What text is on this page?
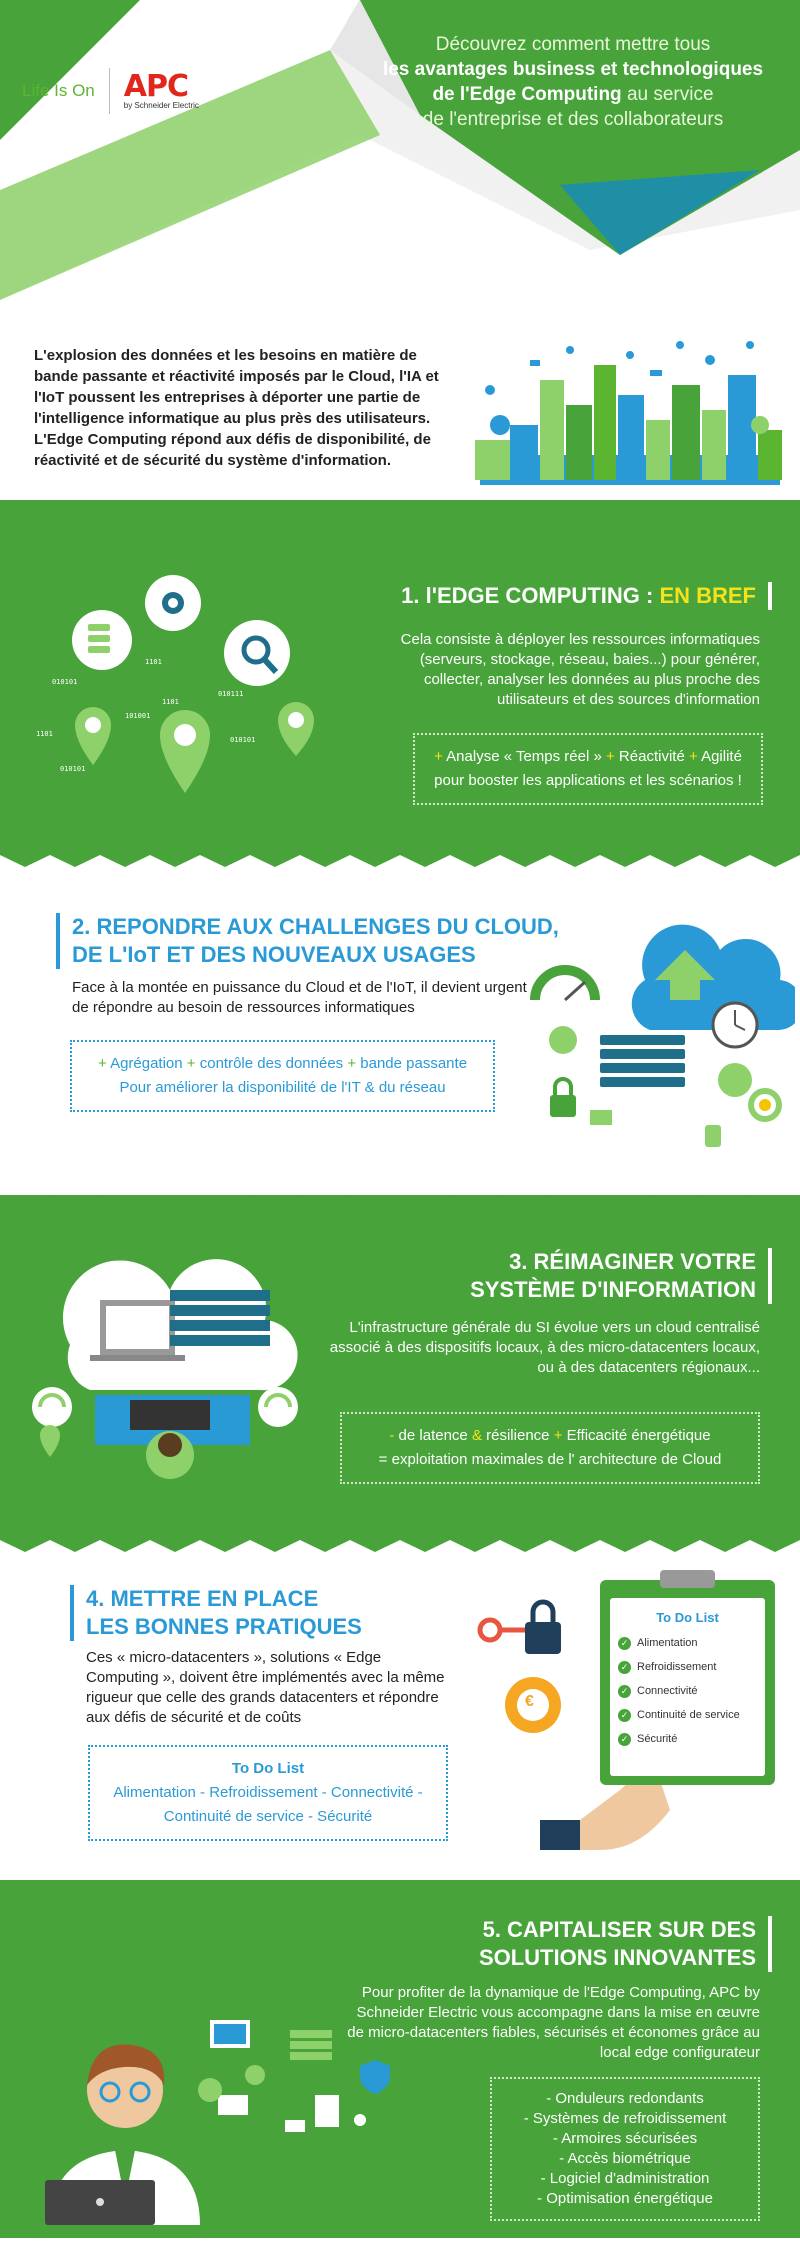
Life Is On APC
by Schneider Electric
Découvrez comment mettre tous
les avantages business et technologiques
de l'Edge Computing au service
de l'entreprise et des collaborateurs
L'explosion des données et les besoins en matière de bande passante et réactivité imposés par le Cloud, l'IA et l'IoT poussent les entreprises à déporter une partie de l'intelligence informatique au plus près des utilisateurs. L'Edge Computing répond aux défis de disponibilité, de réactivité et de sécurité du système d'information.
1101
010101
101001
1101
010111
1101
010101
010101
1. l'EDGE COMPUTING : EN BREF
Cela consiste à déployer les ressources informatiques (serveurs, stockage, réseau, baies...) pour générer, collecter, analyser les données au plus proche des utilisateurs et des sources d'information
+ Analyse « Temps réel » + Réactivité + Agilité
pour booster les applications et les scénarios !
2. REPONDRE AUX CHALLENGES DU CLOUD,
DE L'IoT ET DES NOUVEAUX USAGES
Face à la montée en puissance du Cloud et de l'IoT, il devient urgent de répondre au besoin de ressources informatiques
+ Agrégation + contrôle des données + bande passante
Pour améliorer la disponibilité de l'IT & du réseau
3. RÉIMAGINER VOTRE
SYSTÈME D'INFORMATION
L'infrastructure générale du SI évolue vers un cloud centralisé associé à des dispositifs locaux, à des micro-datacenters locaux, ou à des datacenters régionaux...
- de latence & résilience + Efficacité énergétique
= exploitation maximales de l' architecture de Cloud
4. METTRE EN PLACE
LES BONNES PRATIQUES
Ces « micro-datacenters », solutions « Edge Computing », doivent être implémentés avec la même rigueur que celle des grands datacenters et répondre aux défis de sécurité et de coûts
To Do List
Alimentation - Refroidissement - Connectivité -
Continuité de service - Sécurité
€
To Do List
✓ Alimentation
✓ Refroidissement
✓ Connectivité
✓ Continuité de service
✓ Sécurité
5. CAPITALISER SUR DES
SOLUTIONS INNOVANTES
Pour profiter de la dynamique de l'Edge Computing, APC by Schneider Electric vous accompagne dans la mise en œuvre de micro-datacenters fiables, sécurisés et économes grâce au local edge configurateur
- Onduleurs redondants
- Systèmes de refroidissement
- Armoires sécurisées
- Accès biométrique
- Logiciel d'administration
- Optimisation énergétique
